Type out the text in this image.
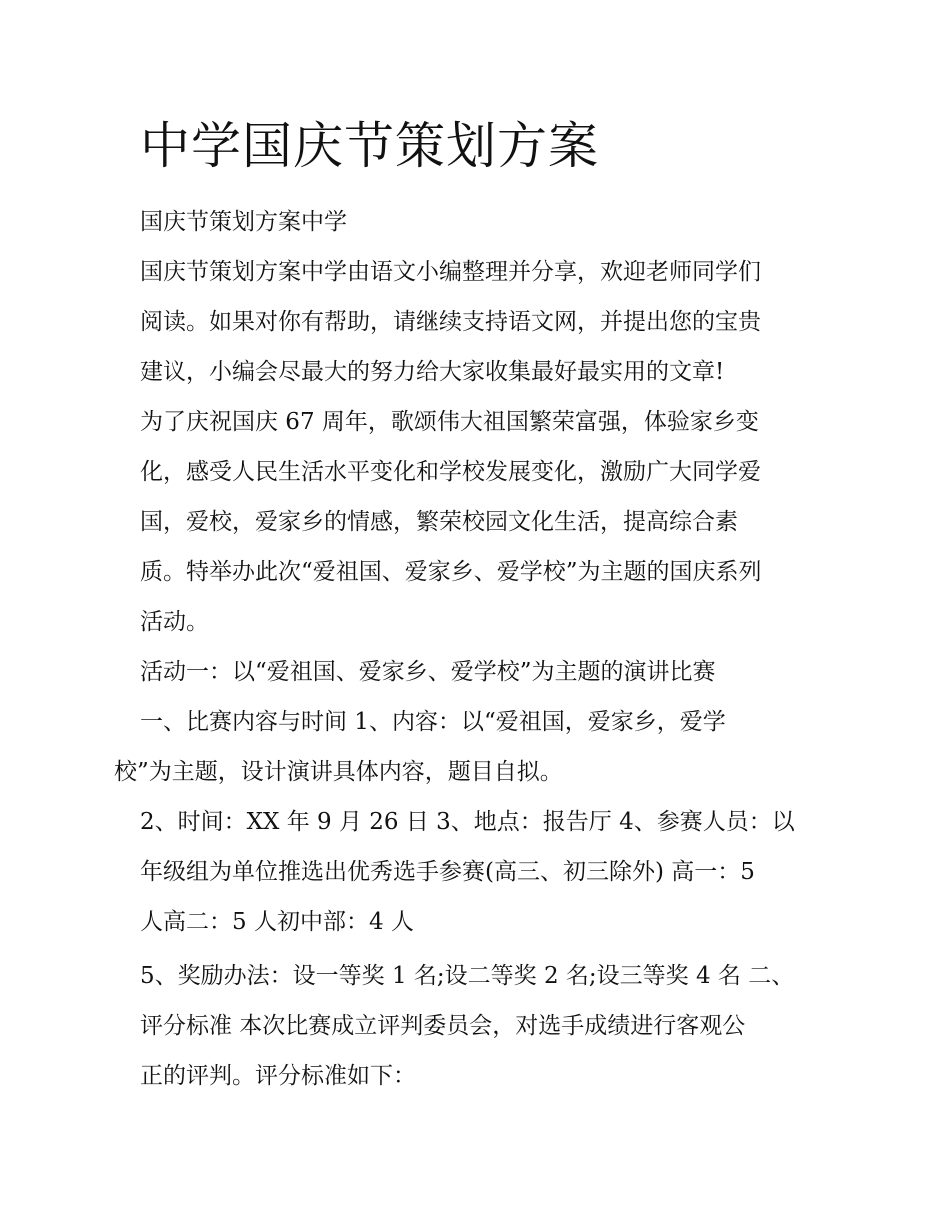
中学国庆节策划方案
国庆节策划方案中学
国庆节策划方案中学由语文小编整理并分享，欢迎老师同学们
阅读。如果对你有帮助，请继续支持语文网，并提出您的宝贵
建议，小编会尽最大的努力给大家收集最好最实用的文章!
为了庆祝国庆 67 周年，歌颂伟大祖国繁荣富强，体验家乡变
化，感受人民生活水平变化和学校发展变化，激励广大同学爱
国，爱校，爱家乡的情感，繁荣校园文化生活，提高综合素
质。特举办此次“爱祖国、爱家乡、爱学校”为主题的国庆系列
活动。
活动一：以“爱祖国、爱家乡、爱学校”为主题的演讲比赛
一、比赛内容与时间 1、内容：以“爱祖国，爱家乡，爱学
校”为主题，设计演讲具体内容，题目自拟。
2、时间：XX 年 9 月 26 日 3、地点：报告厅 4、参赛人员：以
年级组为单位推选出优秀选手参赛(高三、初三除外) 高一：5
人高二：5 人初中部：4 人
5、奖励办法：设一等奖 1 名;设二等奖 2 名;设三等奖 4 名 二、
评分标准 本次比赛成立评判委员会，对选手成绩进行客观公
正的评判。评分标准如下：
